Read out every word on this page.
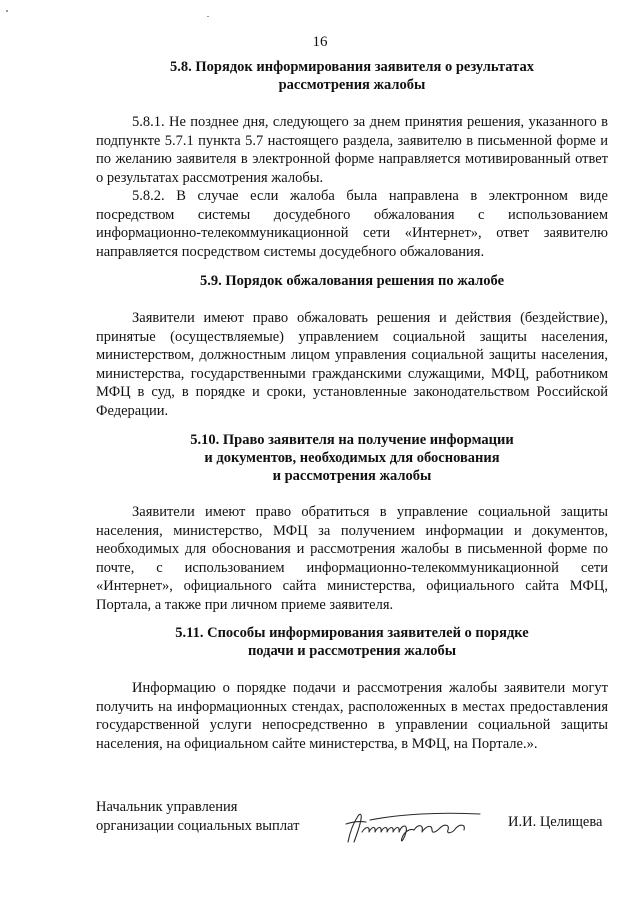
16
5.8. Порядок информирования заявителя о результатах
рассмотрения жалобы

5.8.1. Не позднее дня, следующего за днем принятия решения, указанного в подпункте 5.7.1 пункта 5.7 настоящего раздела, заявителю в письменной форме и по желанию заявителя в электронной форме направляется мотивированный ответ о результатах рассмотрения жалобы.

5.8.2. В случае если жалоба была направлена в электронном виде посредством системы досудебного обжалования с использованием информационно-телекоммуникационной сети «Интернет», ответ заявителю направляется посредством системы досудебного обжалования.

5.9. Порядок обжалования решения по жалобе

Заявители имеют право обжаловать решения и действия (бездействие), принятые (осуществляемые) управлением социальной защиты населения, министерством, должностным лицом управления социальной защиты населения, министерства, государственными гражданскими служащими, МФЦ, работником МФЦ в суд, в порядке и сроки, установленные законодательством Российской Федерации.

5.10. Право заявителя на получение информации
и документов, необходимых для обоснования
и рассмотрения жалобы

Заявители имеют право обратиться в управление социальной защиты населения, министерство, МФЦ за получением информации и документов, необходимых для обоснования и рассмотрения жалобы в письменной форме по почте, с использованием информационно-телекоммуникационной сети «Интернет», официального сайта министерства, официального сайта МФЦ, Портала, а также при личном приеме заявителя.

5.11. Способы информирования заявителей о порядке
подачи и рассмотрения жалобы

Информацию о порядке подачи и рассмотрения жалобы заявители могут получить на информационных стендах, расположенных в местах предоставления государственной услуги непосредственно в управлении социальной защиты населения, на официальном сайте министерства, в МФЦ, на Портале.».

Начальник управления
организации социальных выплат	И.И. Целищева
